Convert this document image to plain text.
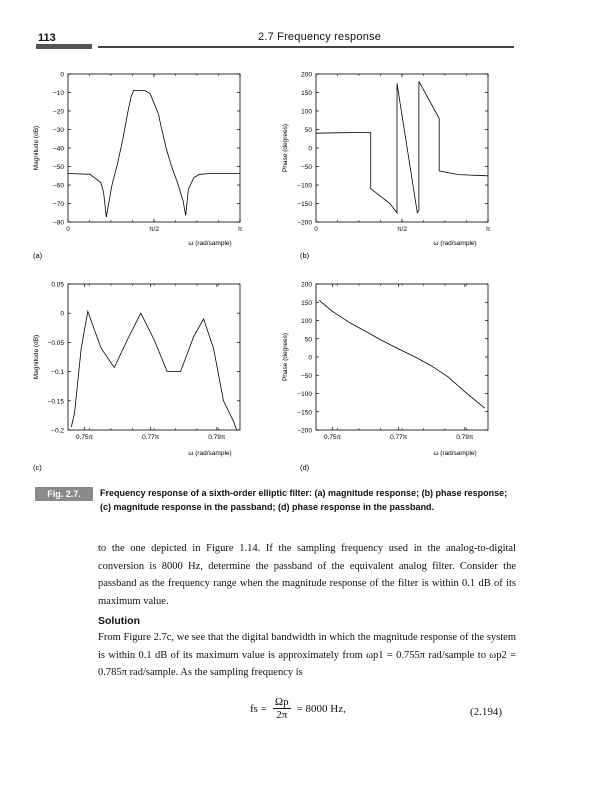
113	2.7 Frequency response
0
−10
−20
−30
−40
−50
−60
−70
−80
0	π/2	π
Magnitude (dB)
ω (rad/sample)
(a)
200
150
100
50
0
−50
−100
−150
−200
0	π/2	π
Phase (degrees)
ω (rad/sample)
(b)
0.05
0
−0.05
−0.1
−0.15
−0.2
0.75π	0.77π	0.79π
Magnitude (dB)
ω (rad/sample)
(c)
200
150
100
50
0
−50
−100
−150
−200
0.75π	0.77π	0.79π
Phase (degrees)
ω (rad/sample)
(d)
Fig. 2.7.	Frequency response of a sixth-order elliptic filter: (a) magnitude response; (b) phase response; (c) magnitude response in the passband; (d) phase response in the passband.
to the one depicted in Figure 1.14. If the sampling frequency used in the analog-to-digital conversion is 8000 Hz, determine the passband of the equivalent analog filter. Consider the passband as the frequency range when the magnitude response of the filter is within 0.1 dB of its maximum value.
Solution
From Figure 2.7c, we see that the digital bandwidth in which the magnitude response of the system is within 0.1 dB of its maximum value is approximately from ωp1 = 0.755π rad/sample to ωp2 = 0.785π rad/sample. As the sampling frequency is
fs = $\frac{\Omega p}{2\pi} = 8000$ Hz,	(2.194)
